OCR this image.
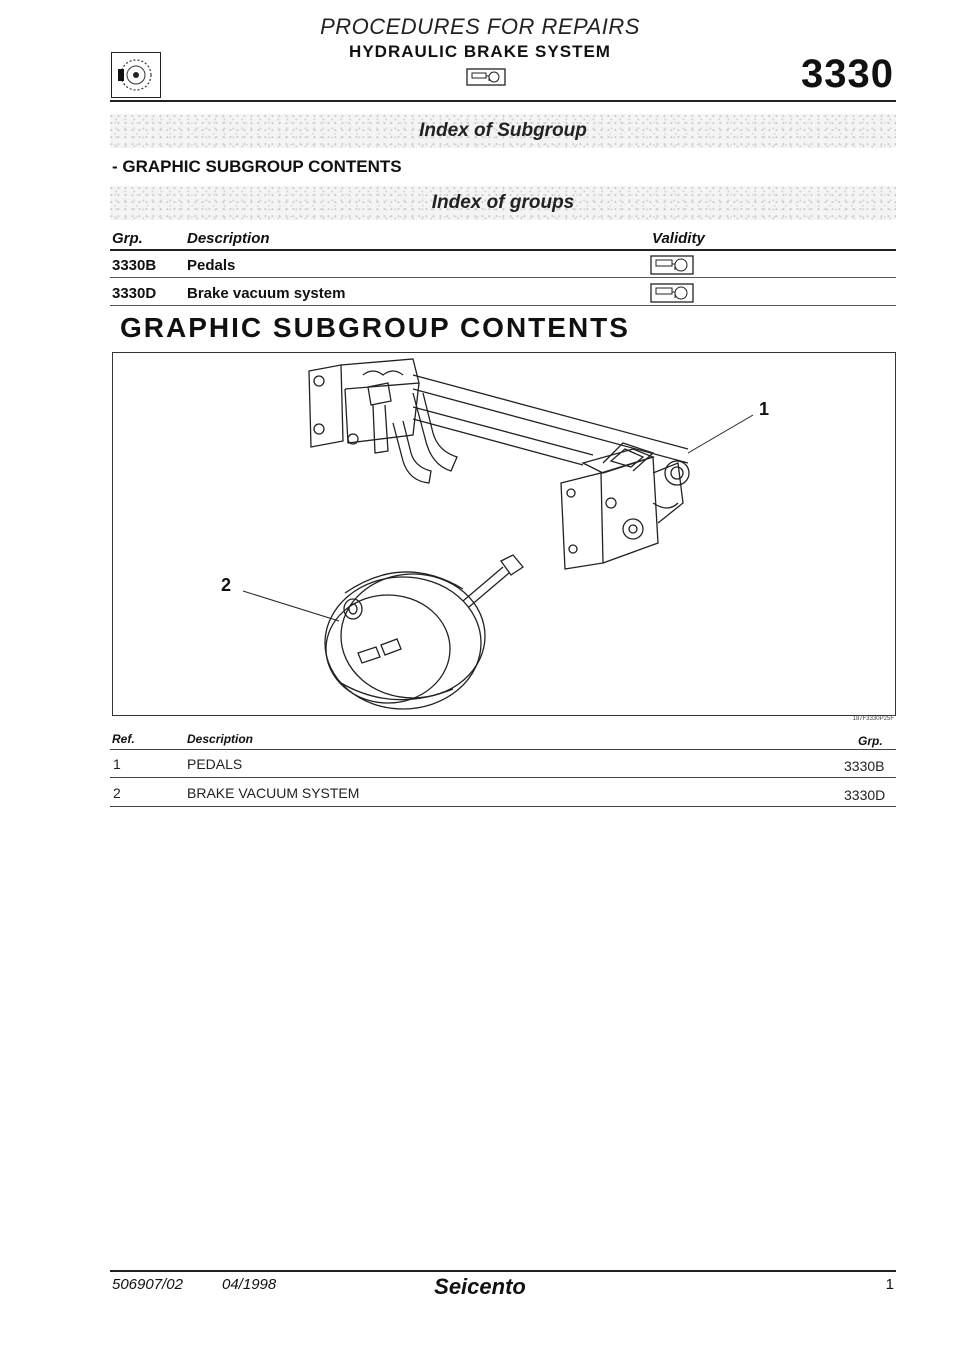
PROCEDURES FOR REPAIRS
HYDRAULIC BRAKE SYSTEM
3330
Index of Subgroup
- GRAPHIC SUBGROUP CONTENTS
Index of groups
Grp.	Description	Validity
3330B Pedals
3330D Brake vacuum system
GRAPHIC SUBGROUP CONTENTS
1
2
187F3330P25F
Ref.	Description	Grp.
1	PEDALS	3330B
2	BRAKE VACUUM SYSTEM	3330D
506907/02	04/1998	Seicento	1
